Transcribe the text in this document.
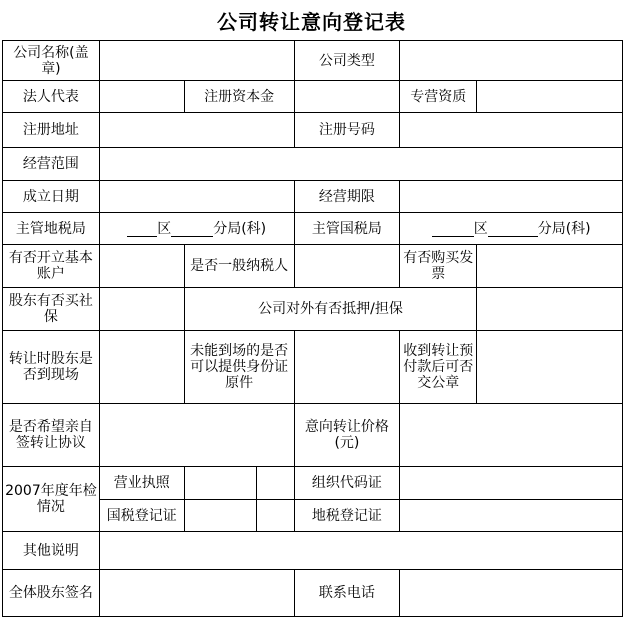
公司转让意向登记表
公司名称(盖章)				公司类型		
法人代表		注册资本金			专营资质	
注册地址				注册号码		
经营范围						
成立日期				经营期限		
主管地税局	区 分局(科)			主管国税局	区 分局(科)	
有否开立基本账户		是否一般纳税人			有否购买发票	
股东有否买社保		公司对外有否抵押/担保				
转让时股东是否到现场		未能到场的是否可以提供身份证原件			收到转让预付款后可否交公章	
是否希望亲自签转让协议				意向转让价格(元)		
2007年度年检情况	营业执照			组织代码证		
	国税登记证			地税登记证		
其他说明						
全体股东签名				联系电话		
